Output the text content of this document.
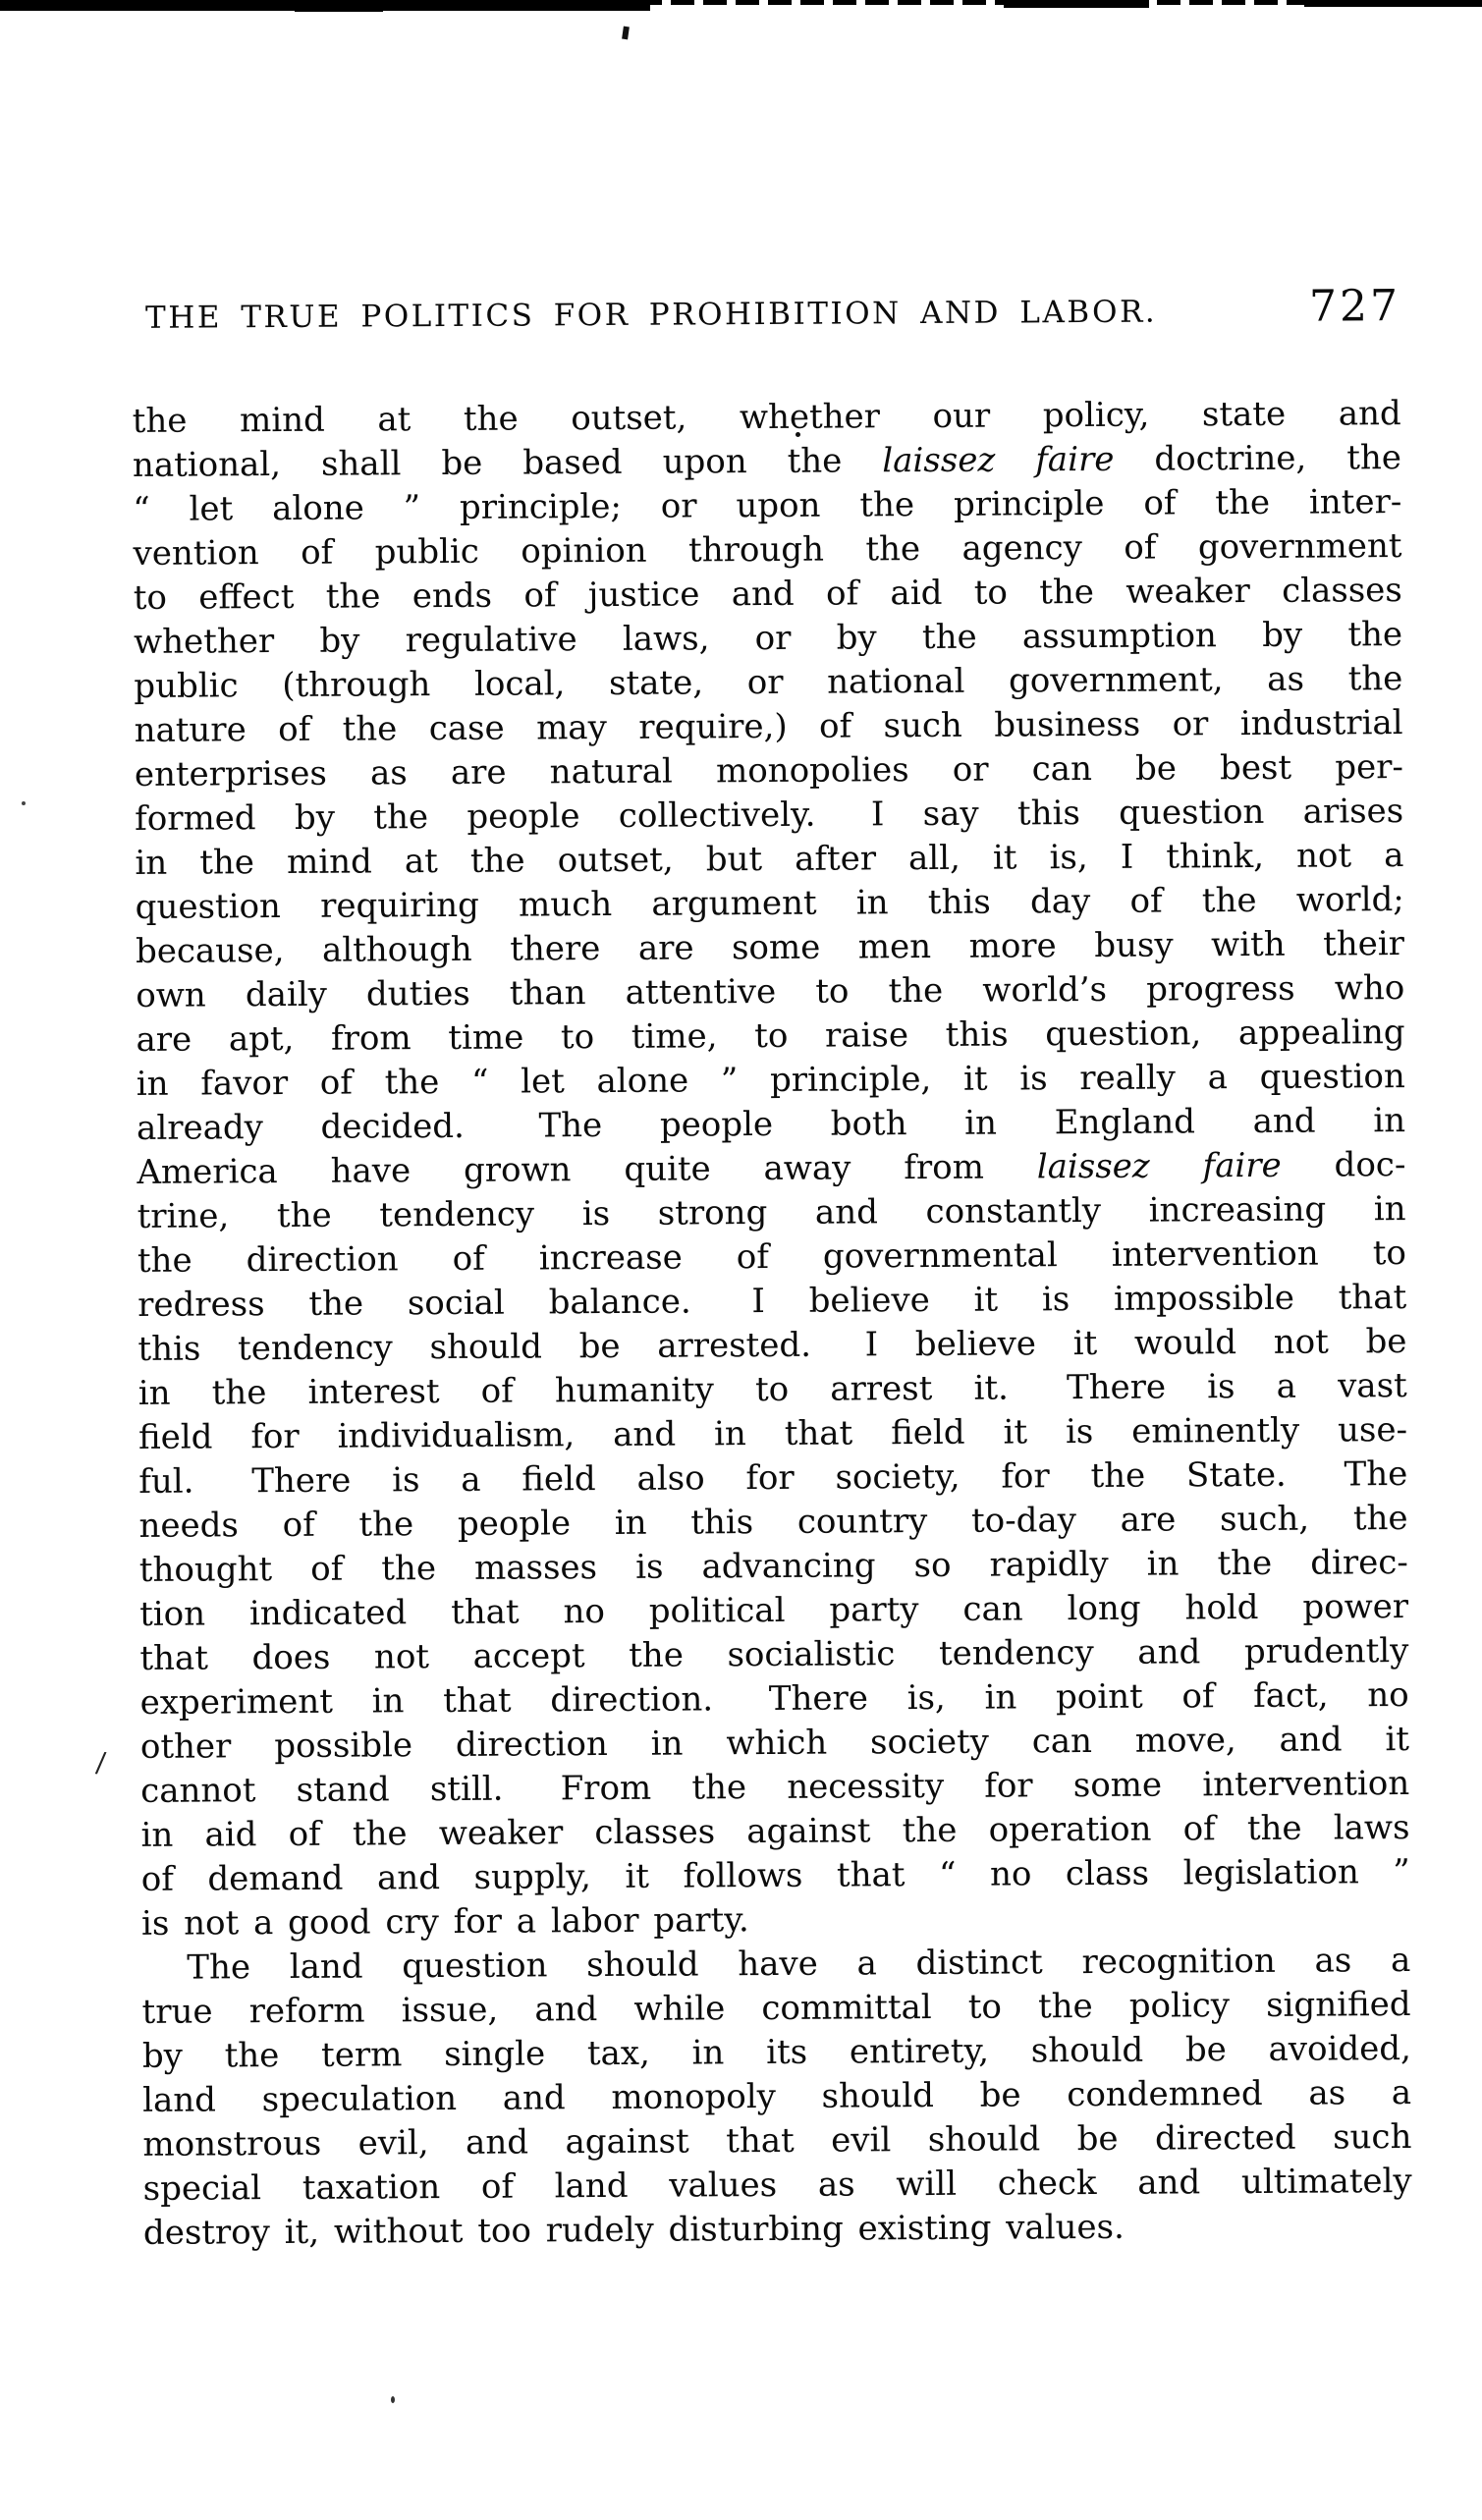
/
THE TRUE POLITICS FOR PROHIBITION AND LABOR.	727
the mind at the outset, whether our policy, state and
national, shall be based upon the laissez faire doctrine, the
“ let alone ” principle; or upon the principle of the inter-
vention of public opinion through the agency of government
to effect the ends of justice and of aid to the weaker classes
whether by regulative laws, or by the assumption by the
public (through local, state, or national government, as the
nature of the case may require,) of such business or industrial
enterprises as are natural monopolies or can be best per-
formed by the people collectively.  I say this question arises
in the mind at the outset, but after all, it is, I think, not a
question requiring much argument in this day of the world;
because, although there are some men more busy with their
own daily duties than attentive to the world’s progress who
are apt, from time to time, to raise this question, appealing
in favor of the “ let alone ” principle, it is really a question
already decided.  The people both in England and in
America have grown quite away from laissez faire doc-
trine, the tendency is strong and constantly increasing in
the direction of increase of governmental intervention to
redress the social balance.  I believe it is impossible that
this tendency should be arrested.  I believe it would not be
in the interest of humanity to arrest it.  There is a vast
field for individualism, and in that field it is eminently use-
ful.  There is a field also for society, for the State.  The
needs of the people in this country to-day are such, the
thought of the masses is advancing so rapidly in the direc-
tion indicated that no political party can long hold power
that does not accept the socialistic tendency and prudently
experiment in that direction.  There is, in point of fact, no
other possible direction in which society can move, and it
cannot stand still.  From the necessity for some intervention
in aid of the weaker classes against the operation of the laws
of demand and supply, it follows that “ no class legislation ”
is not a good cry for a labor party.
The land question should have a distinct recognition as a
true reform issue, and while committal to the policy signified
by the term single tax, in its entirety, should be avoided,
land speculation and monopoly should be condemned as a
monstrous evil, and against that evil should be directed such
special taxation of land values as will check and ultimately
destroy it, without too rudely disturbing existing values.
